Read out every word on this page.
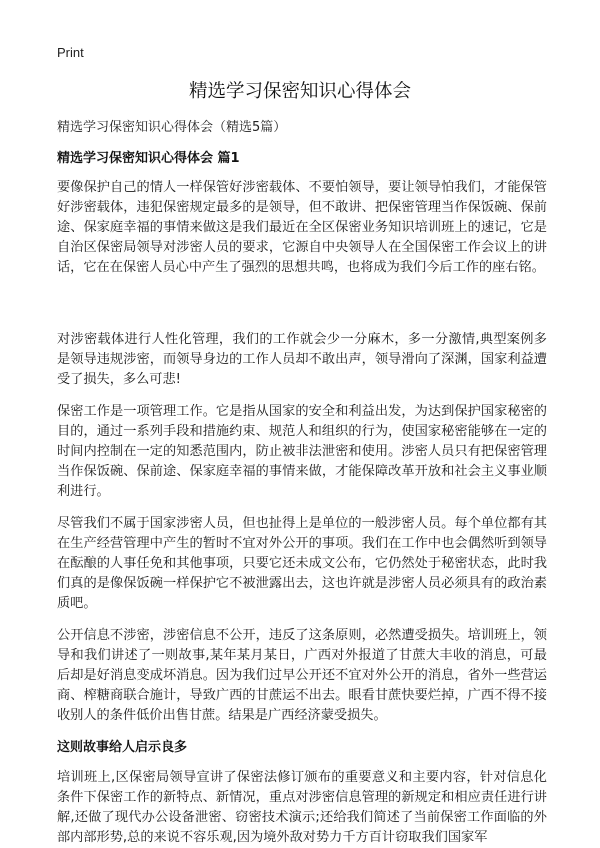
Print
精选学习保密知识心得体会

精选学习保密知识心得体会（精选5篇）

精选学习保密知识心得体会 篇1

要像保护自己的情人一样保管好涉密载体、不要怕领导，要让领导怕我们，才能保管好涉密载体，违犯保密规定最多的是领导，但不敢讲、把保密管理当作保饭碗、保前途、保家庭幸福的事情来做这是我们最近在全区保密业务知识培训班上的速记，它是自治区保密局领导对涉密人员的要求，它源自中央领导人在全国保密工作会议上的讲话，它在在保密人员心中产生了强烈的思想共鸣，也将成为我们今后工作的座右铭。

对涉密载体进行人性化管理，我们的工作就会少一分麻木，多一分激情,典型案例多是领导违规涉密，而领导身边的工作人员却不敢出声，领导滑向了深渊，国家利益遭受了损失，多么可悲!

保密工作是一项管理工作。它是指从国家的安全和利益出发，为达到保护国家秘密的目的，通过一系列手段和措施约束、规范人和组织的行为，使国家秘密能够在一定的时间内控制在一定的知悉范围内，防止被非法泄密和使用。涉密人员只有把保密管理当作保饭碗、保前途、保家庭幸福的事情来做，才能保障改革开放和社会主义事业顺利进行。

尽管我们不属于国家涉密人员，但也扯得上是单位的一般涉密人员。每个单位都有其在生产经营管理中产生的暂时不宜对外公开的事项。我们在工作中也会偶然听到领导在酝酿的人事任免和其他事项，只要它还未成文公布，它仍然处于秘密状态，此时我们真的是像保饭碗一样保护它不被泄露出去，这也许就是涉密人员必须具有的政治素质吧。

公开信息不涉密，涉密信息不公开，违反了这条原则，必然遭受损失。培训班上，领导和我们讲述了一则故事,某年某月某日，广西对外报道了甘蔗大丰收的消息，可最后却是好消息变成坏消息。因为我们过早公开还不宜对外公开的消息，省外一些营运商、榨糖商联合施计，导致广西的甘蔗运不出去。眼看甘蔗快要烂掉，广西不得不接收别人的条件低价出售甘蔗。结果是广西经济蒙受损失。

这则故事给人启示良多

培训班上,区保密局领导宣讲了保密法修订颁布的重要意义和主要内容，针对信息化条件下保密工作的新特点、新情况，重点对涉密信息管理的新规定和相应责任进行讲解,还做了现代办公设备泄密、窃密技术演示;还给我们简述了当前保密工作面临的外部内部形势,总的来说不容乐观,因为境外敌对势力千方百计窃取我们国家军
